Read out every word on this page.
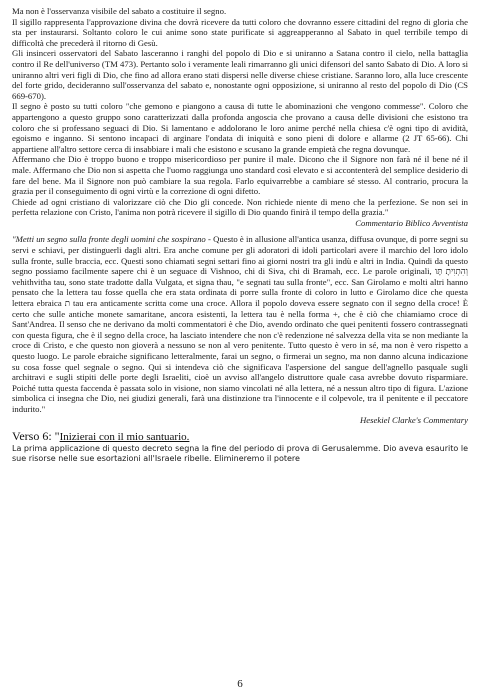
Ma non è l'osservanza visibile del sabato a costituire il segno.

Il sigillo rappresenta l'approvazione divina che dovrà ricevere da tutti coloro che dovranno essere cittadini del regno di gloria che sta per instaurarsi. Soltanto coloro le cui anime sono state purificate si aggreapperanno al Sabato in quel terribile tempo di difficoltà che precederà il ritorno di Gesù.

Gli insinceri osservatori del Sabato lasceranno i ranghi del popolo di Dio e si uniranno a Satana contro il cielo, nella battaglia contro il Re dell'universo (TM 473). Pertanto solo i veramente leali rimarranno gli unici difensori del santo Sabato di Dio. A loro si uniranno altri veri figli di Dio, che fino ad allora erano stati dispersi nelle diverse chiese cristiane. Saranno loro, alla luce crescente del forte grido, decideranno sull'osservanza del sabato e, nonostante ogni opposizione, si uniranno al resto del popolo di Dio (CS 669-670).

Il segno è posto su tutti coloro "che gemono e piangono a causa di tutte le abominazioni che vengono commesse". Coloro che appartengono a questo gruppo sono caratterizzati dalla profonda angoscia che provano a causa delle divisioni che esistono tra coloro che si professano seguaci di Dio. Si lamentano e addolorano le loro anime perché nella chiesa c'è ogni tipo di avidità, egoismo e inganno. Si sentono incapaci di arginare l'ondata di iniquità e sono pieni di dolore e allarme (2 JT 65-66). Chi appartiene all'altro settore cerca di insabbiare i mali che esistono e scusano la grande empietà che regna dovunque.

Affermano che Dio è troppo buono e troppo misericordioso per punire il male. Dicono che il Signore non farà né il bene né il male. Affermano che Dio non si aspetta che l'uomo raggiunga uno standard così elevato e si accontenterà del semplice desiderio di fare del bene. Ma il Signore non può cambiare la sua regola. Farlo equivarrebbe a cambiare sé stesso. Al contrario, procura la grazia per il conseguimento di ogni virtù e la correzione di ogni difetto.

Chiede ad ogni cristiano di valorizzare ciò che Dio gli concede. Non richiede niente di meno che la perfezione. Se non sei in perfetta relazione con Cristo, l'anima non potrà ricevere il sigillo di Dio quando finirà il tempo della grazia."

Commentario Biblico Avventista

"Metti un segno sulla fronte degli uomini che sospirano - Questo è in allusione all'antica usanza, diffusa ovunque, di porre segni su servi e schiavi, per distinguerli dagli altri. Era anche comune per gli adoratori di idoli particolari avere il marchio del loro idolo sulla fronte, sulle braccia, ecc. Questi sono chiamati segni settari fino ai giorni nostri tra gli indù e altri in India. Quindi da questo segno possiamo facilmente sapere chi è un seguace di Vishnoo, chi di Siva, chi di Bramah, ecc. Le parole originali, וְהִתְוִיתָ תָּו vehithvitha tau, sono state tradotte dalla Vulgata, et signa thau, "e segnati tau sulla fronte", ecc. San Girolamo e molti altri hanno pensato che la lettera tau fosse quella che era stata ordinata di porre sulla fronte di coloro in lutto e Girolamo dice che questa lettera ebraica ת tau era anticamente scritta come una croce. Allora il popolo doveva essere segnato con il segno della croce! È certo che sulle antiche monete samaritane, ancora esistenti, la lettera tau è nella forma +, che è ciò che chiamiamo croce di Sant'Andrea. Il senso che ne derivano da molti commentatori è che Dio, avendo ordinato che quei penitenti fossero contrassegnati con questa figura, che è il segno della croce, ha lasciato intendere che non c'è redenzione né salvezza della vita se non mediante la croce di Cristo, e che questo non gioverà a nessuno se non al vero penitente. Tutto questo è vero in sé, ma non è vero rispetto a questo luogo. Le parole ebraiche significano letteralmente, farai un segno, o firmerai un segno, ma non danno alcuna indicazione su cosa fosse quel segnale o segno. Qui si intendeva ciò che significava l'aspersione del sangue dell'agnello pasquale sugli architravi e sugli stipiti delle porte degli Israeliti, cioè un avviso all'angelo distruttore quale casa avrebbe dovuto risparmiare. Poiché tutta questa faccenda è passata solo in visione, non siamo vincolati né alla lettera, né a nessun altro tipo di figura. L'azione simbolica ci insegna che Dio, nei giudizi generali, farà una distinzione tra l'innocente e il colpevole, tra il penitente e il peccatore indurito."

Hesekiel Clarke's Commentary

Verso 6: "Inizierai con il mio santuario.

La prima applicazione di questo decreto segna la fine del periodo di prova di Gerusalemme. Dio aveva esaurito le sue risorse nelle sue esortazioni all'Israele ribelle. Elimineremo il potere

6
